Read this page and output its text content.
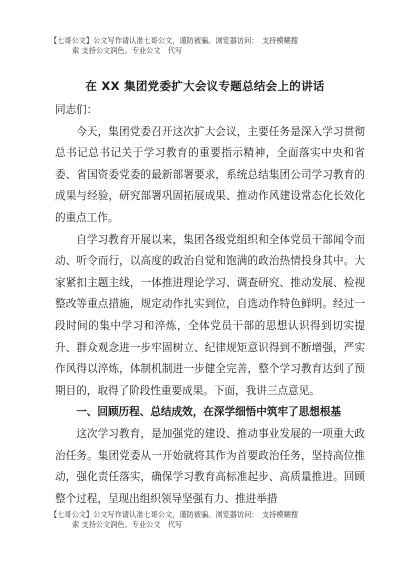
【七哥公文】公文写作请认准七哥公文，谨防被骗。浏览器访问：　支持模糊搜
索 支持公文润色。专业公文　代写
在 XX 集团党委扩大会议专题总结会上的讲话

同志们：

今天，集团党委召开这次扩大会议，主要任务是深入学习贯彻总书记总书记关于学习教育的重要指示精神，全面落实中央和省委、省国资委党委的最新部署要求，系统总结集团公司学习教育的成果与经验，研究部署巩固拓展成果、推动作风建设常态化长效化的重点工作。

自学习教育开展以来，集团各级党组织和全体党员干部闻令而动、听令而行，以高度的政治自觉和饱满的政治热情投身其中。大家紧扣主题主线，一体推进理论学习、调查研究、推动发展、检视整改等重点措施，规定动作扎实到位，自选动作特色鲜明。经过一段时间的集中学习和淬炼，全体党员干部的思想认识得到切实提升、群众观念进一步牢固树立、纪律规矩意识得到不断增强，严实作风得以淬炼，体制机制进一步健全完善，整个学习教育达到了预期目的，取得了阶段性重要成果。下面，我讲三点意见。

一、回顾历程、总结成效，在深学细悟中筑牢了思想根基

这次学习教育，是加强党的建设、推动事业发展的一项重大政治任务。集团党委从一开始就将其作为首要政治任务，坚持高位推动，强化责任落实，确保学习教育高标准起步、高质量推进。回顾整个过程，呈现出组织领导坚强有力、推进举措

【七哥公文】公文写作请认准七哥公文，谨防被骗。浏览器访问：　支持模糊搜
索 支持公文润色。专业公文　代写
